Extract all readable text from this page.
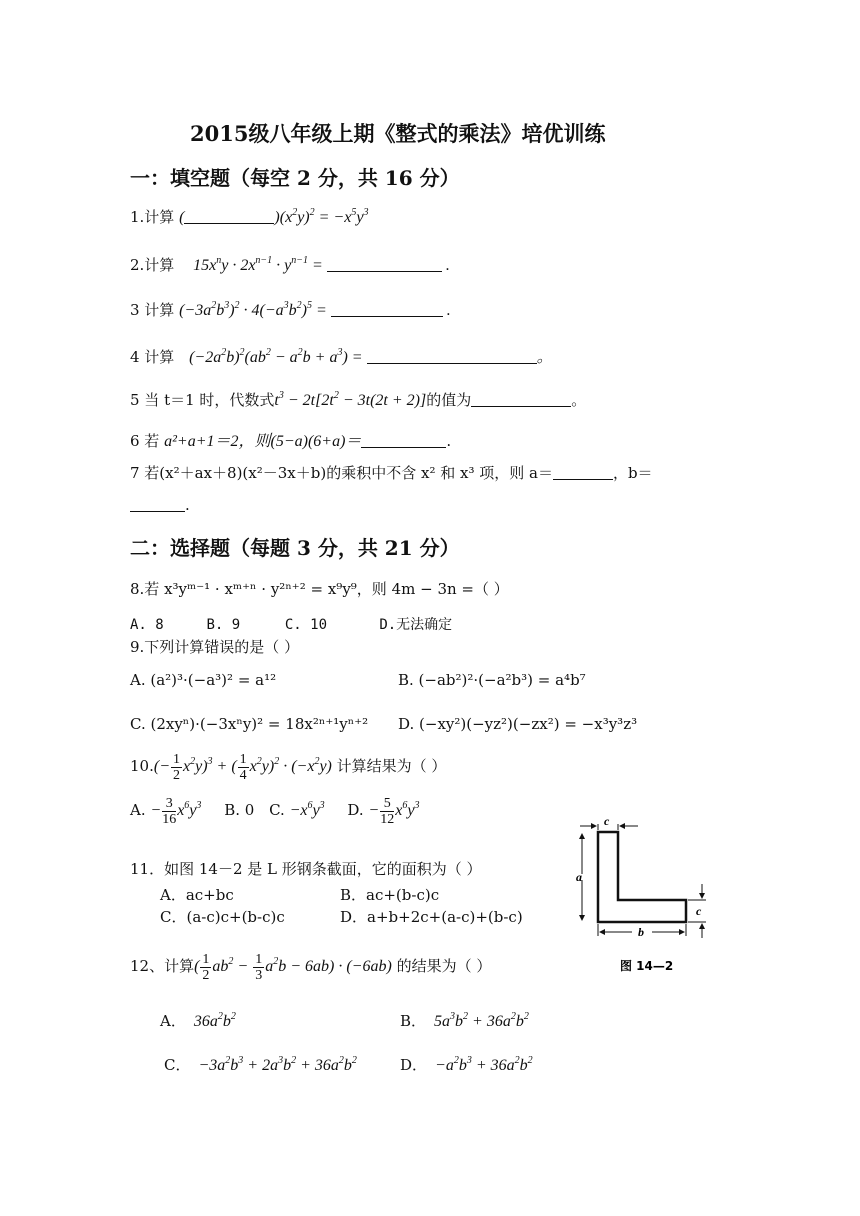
2015级八年级上期《整式的乘法》培优训练
一：填空题（每空 2 分，共 16 分）
1.计算 (	)$(x^2y)^2 = -x^5y^3$
2.计算 $15x^ny \cdot 2x^{n-1} \cdot y^{n-1}$ =	.
3 计算 $(-3a^2b^3)^2 \cdot 4(-a^3b^2)^5$ =	.
4 计算 $(-2a^2b)^2(ab^2 - a^2b + a^3)$ =	。
5 当 t＝1 时，代数式$t^3 - 2t[2t^2 - 3t(2t + 2)]$的值为	。
6 若 a²+a+1＝2，则(5−a)(6+a)＝	.
7 若(x²＋ax＋8)(x²－3x＋b)的乘积中不含 x² 和 x³ 项，则 a＝	，b＝
.
二：选择题（每题 3 分，共 21 分）
8.若 x³yᵐ⁻¹ · xᵐ⁺ⁿ · y²ⁿ⁺² = x⁹y⁹，则 4m − 3n =（ ）
A. 8	B. 9	C. 10	D.无法确定
9.下列计算错误的是（ ）
A. (a²)³·(−a³)² = a¹²	B. (−ab²)²·(−a²b³) = a⁴b⁷
C. (2xyⁿ)·(−3xⁿy)² = 18x²ⁿ⁺¹yⁿ⁺² D. (−xy²)(−yz²)(−zx²) = −x³y³z³
$10.(- \frac{1}{2} x^2y)^3$ + ( $\frac{1}{4} x^2y)^2 \cdot (-x^2y)$ 计算结果为（ ）
A. − $\frac{3}{16} x^6y^3$ B. 0 C. $-x^6y^3$ D. − $\frac{5}{12} x^6y^3$
11．如图 14－2 是 L 形钢条截面，它的面积为（ ）
A．ac+bc	B．ac+(b-c)c
C．(a-c)c+(b-c)c	D．a+b+2c+(a-c)+(b-c)
c
a
c
b
图 14—2
12、计算( $\frac{1}{2} ab^2 - \frac{1}{3} a^2b - 6ab) \cdot (-6ab)$ 的结果为（ ）
A． $36a^2b^2$	B． $5a^3b^2 + 36a^2b^2$
C． $-3a^2b^3 + 2a^3b^2 + 36a^2b^2$	D． $-a^2b^3 + 36a^2b^2$
